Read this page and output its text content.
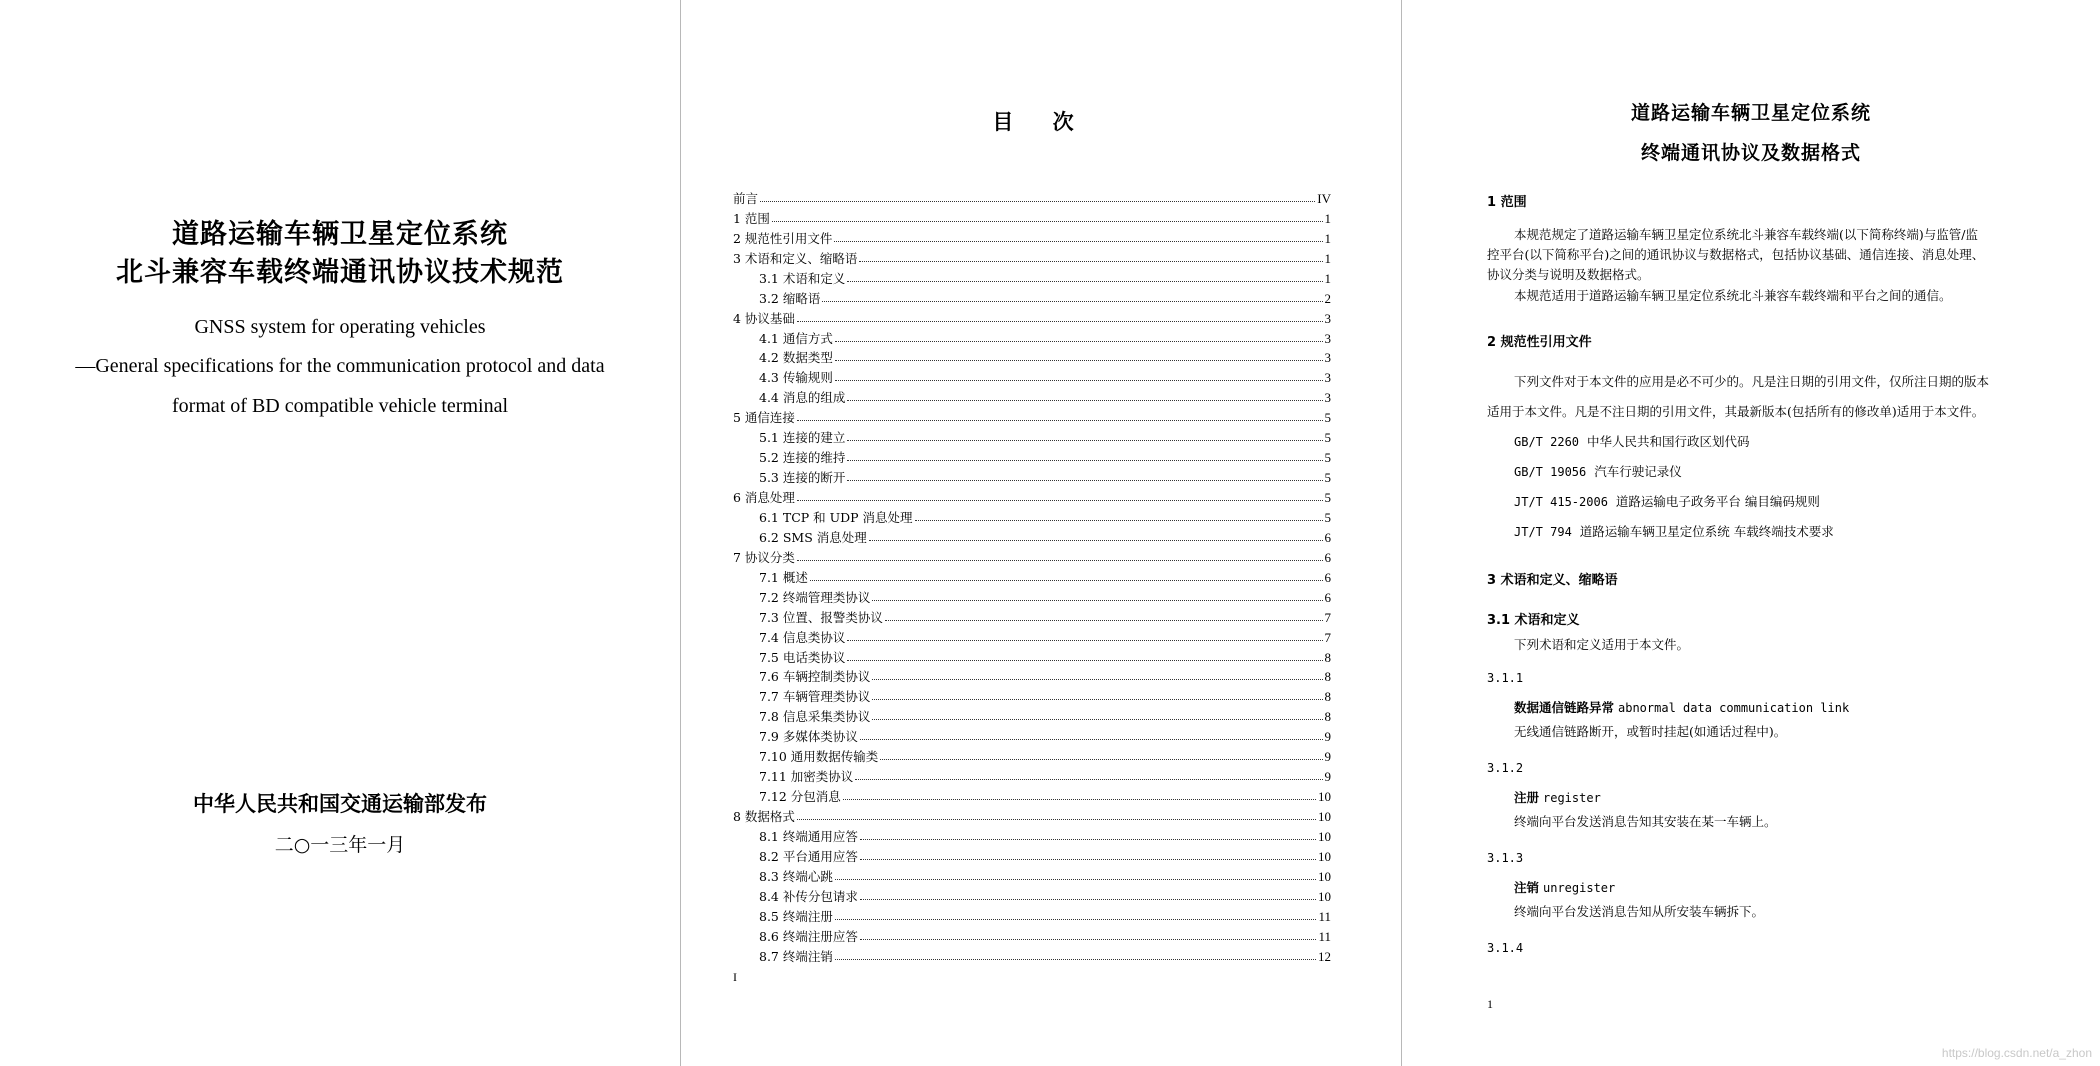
道路运输车辆卫星定位系统
北斗兼容车载终端通讯协议技术规范
GNSS system for operating vehicles
—General specifications for the communication protocol and data
format of BD compatible vehicle terminal
中华人民共和国交通运输部发布
二○一三年一月
目 次
前言	IV
1 范围	1
2 规范性引用文件	1
3 术语和定义、缩略语	1
3.1 术语和定义	1
3.2 缩略语	2
4 协议基础	3
4.1 通信方式	3
4.2 数据类型	3
4.3 传输规则	3
4.4 消息的组成	3
5 通信连接	5
5.1 连接的建立	5
5.2 连接的维持	5
5.3 连接的断开	5
6 消息处理	5
6.1 TCP 和 UDP 消息处理	5
6.2 SMS 消息处理	6
7 协议分类	6
7.1 概述	6
7.2 终端管理类协议	6
7.3 位置、报警类协议	7
7.4 信息类协议	7
7.5 电话类协议	8
7.6 车辆控制类协议	8
7.7 车辆管理类协议	8
7.8 信息采集类协议	8
7.9 多媒体类协议	9
7.10 通用数据传输类	9
7.11 加密类协议	9
7.12 分包消息	10
8 数据格式	10
8.1 终端通用应答	10
8.2 平台通用应答	10
8.3 终端心跳	10
8.4 补传分包请求	10
8.5 终端注册	11
8.6 终端注册应答	11
8.7 终端注销	12
I
道路运输车辆卫星定位系统
终端通讯协议及数据格式
1 范围
本规范规定了道路运输车辆卫星定位系统北斗兼容车载终端(以下简称终端)与监管/监
控平台(以下简称平台)之间的通讯协议与数据格式，包括协议基础、通信连接、消息处理、
协议分类与说明及数据格式。
本规范适用于道路运输车辆卫星定位系统北斗兼容车载终端和平台之间的通信。
2 规范性引用文件
下列文件对于本文件的应用是必不可少的。凡是注日期的引用文件，仅所注日期的版本
适用于本文件。凡是不注日期的引用文件，其最新版本(包括所有的修改单)适用于本文件。
GB/T 2260 中华人民共和国行政区划代码
GB/T 19056 汽车行驶记录仪
JT/T 415-2006 道路运输电子政务平台 编目编码规则
JT/T 794 道路运输车辆卫星定位系统 车载终端技术要求
3 术语和定义、缩略语
3.1 术语和定义
下列术语和定义适用于本文件。
3.1.1
数据通信链路异常 abnormal data communication link
无线通信链路断开，或暂时挂起(如通话过程中)。
3.1.2
注册 register
终端向平台发送消息告知其安装在某一车辆上。
3.1.3
注销 unregister
终端向平台发送消息告知从所安装车辆拆下。
3.1.4
1
https://blog.csdn.net/a_zhon
